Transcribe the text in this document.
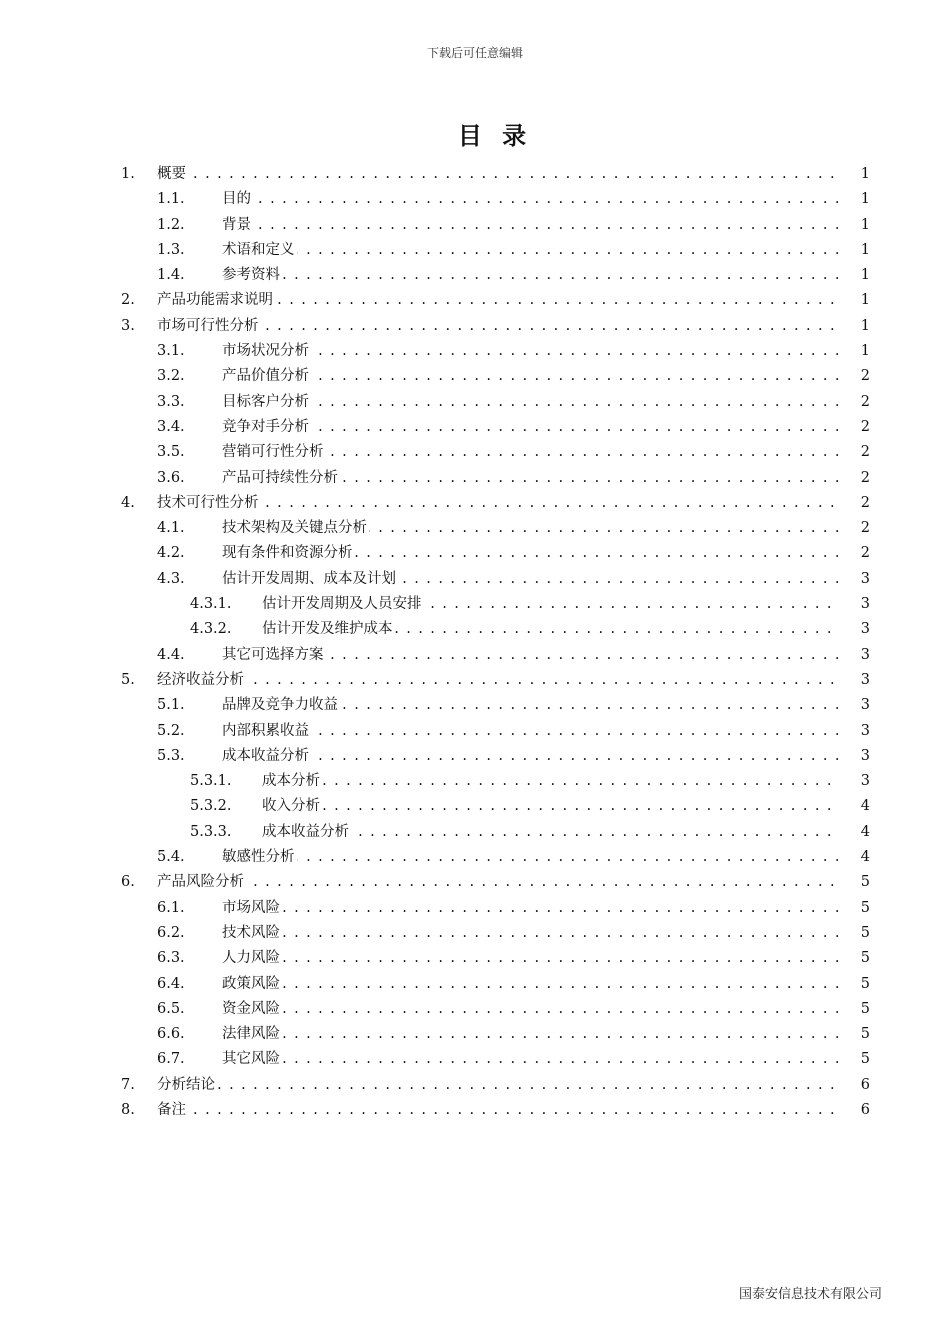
下载后可任意编辑
目 录
1. 概要 . . .	1
1.1.	目的 . . .	1
1.2.	背景 . . .	1
1.3.	术语和定义 . . .	1
1.4.	参考资料 . . .	1
2. 产品功能需求说明 . . .	1
3. 市场可行性分析 . . .	1
3.1.	市场状况分析 . . .	1
3.2.	产品价值分析 . . .	2
3.3.	目标客户分析 . . .	2
3.4.	竞争对手分析 . . .	2
3.5.	营销可行性分析 . . .	2
3.6.	产品可持续性分析 . . .	2
4. 技术可行性分析 . . .	2
4.1.	技术架构及关键点分析 . . .	2
4.2.	现有条件和资源分析 . . .	2
4.3.	估计开发周期、成本及计划 . . .	3
4.3.1. 估计开发周期及人员安排 . . .	3
4.3.2. 估计开发及维护成本 . . .	3
4.4.	其它可选择方案 . . .	3
5. 经济收益分析 . . .	3
5.1.	品牌及竞争力收益 . . .	3
5.2.	内部积累收益 . . .	3
5.3.	成本收益分析 . . .	3
5.3.1. 成本分析 . . .	3
5.3.2. 收入分析 . . .	4
5.3.3. 成本收益分析 . . .	4
5.4.	敏感性分析 . . .	4
6. 产品风险分析 . . .	5
6.1.	市场风险 . . .	5
6.2.	技术风险 . . .	5
6.3.	人力风险 . . .	5
6.4.	政策风险 . . .	5
6.5.	资金风险 . . .	5
6.6.	法律风险 . . .	5
6.7.	其它风险 . . .	5
7. 分析结论 . . .	6
8. 备注 . . .	6
国泰安信息技术有限公司
